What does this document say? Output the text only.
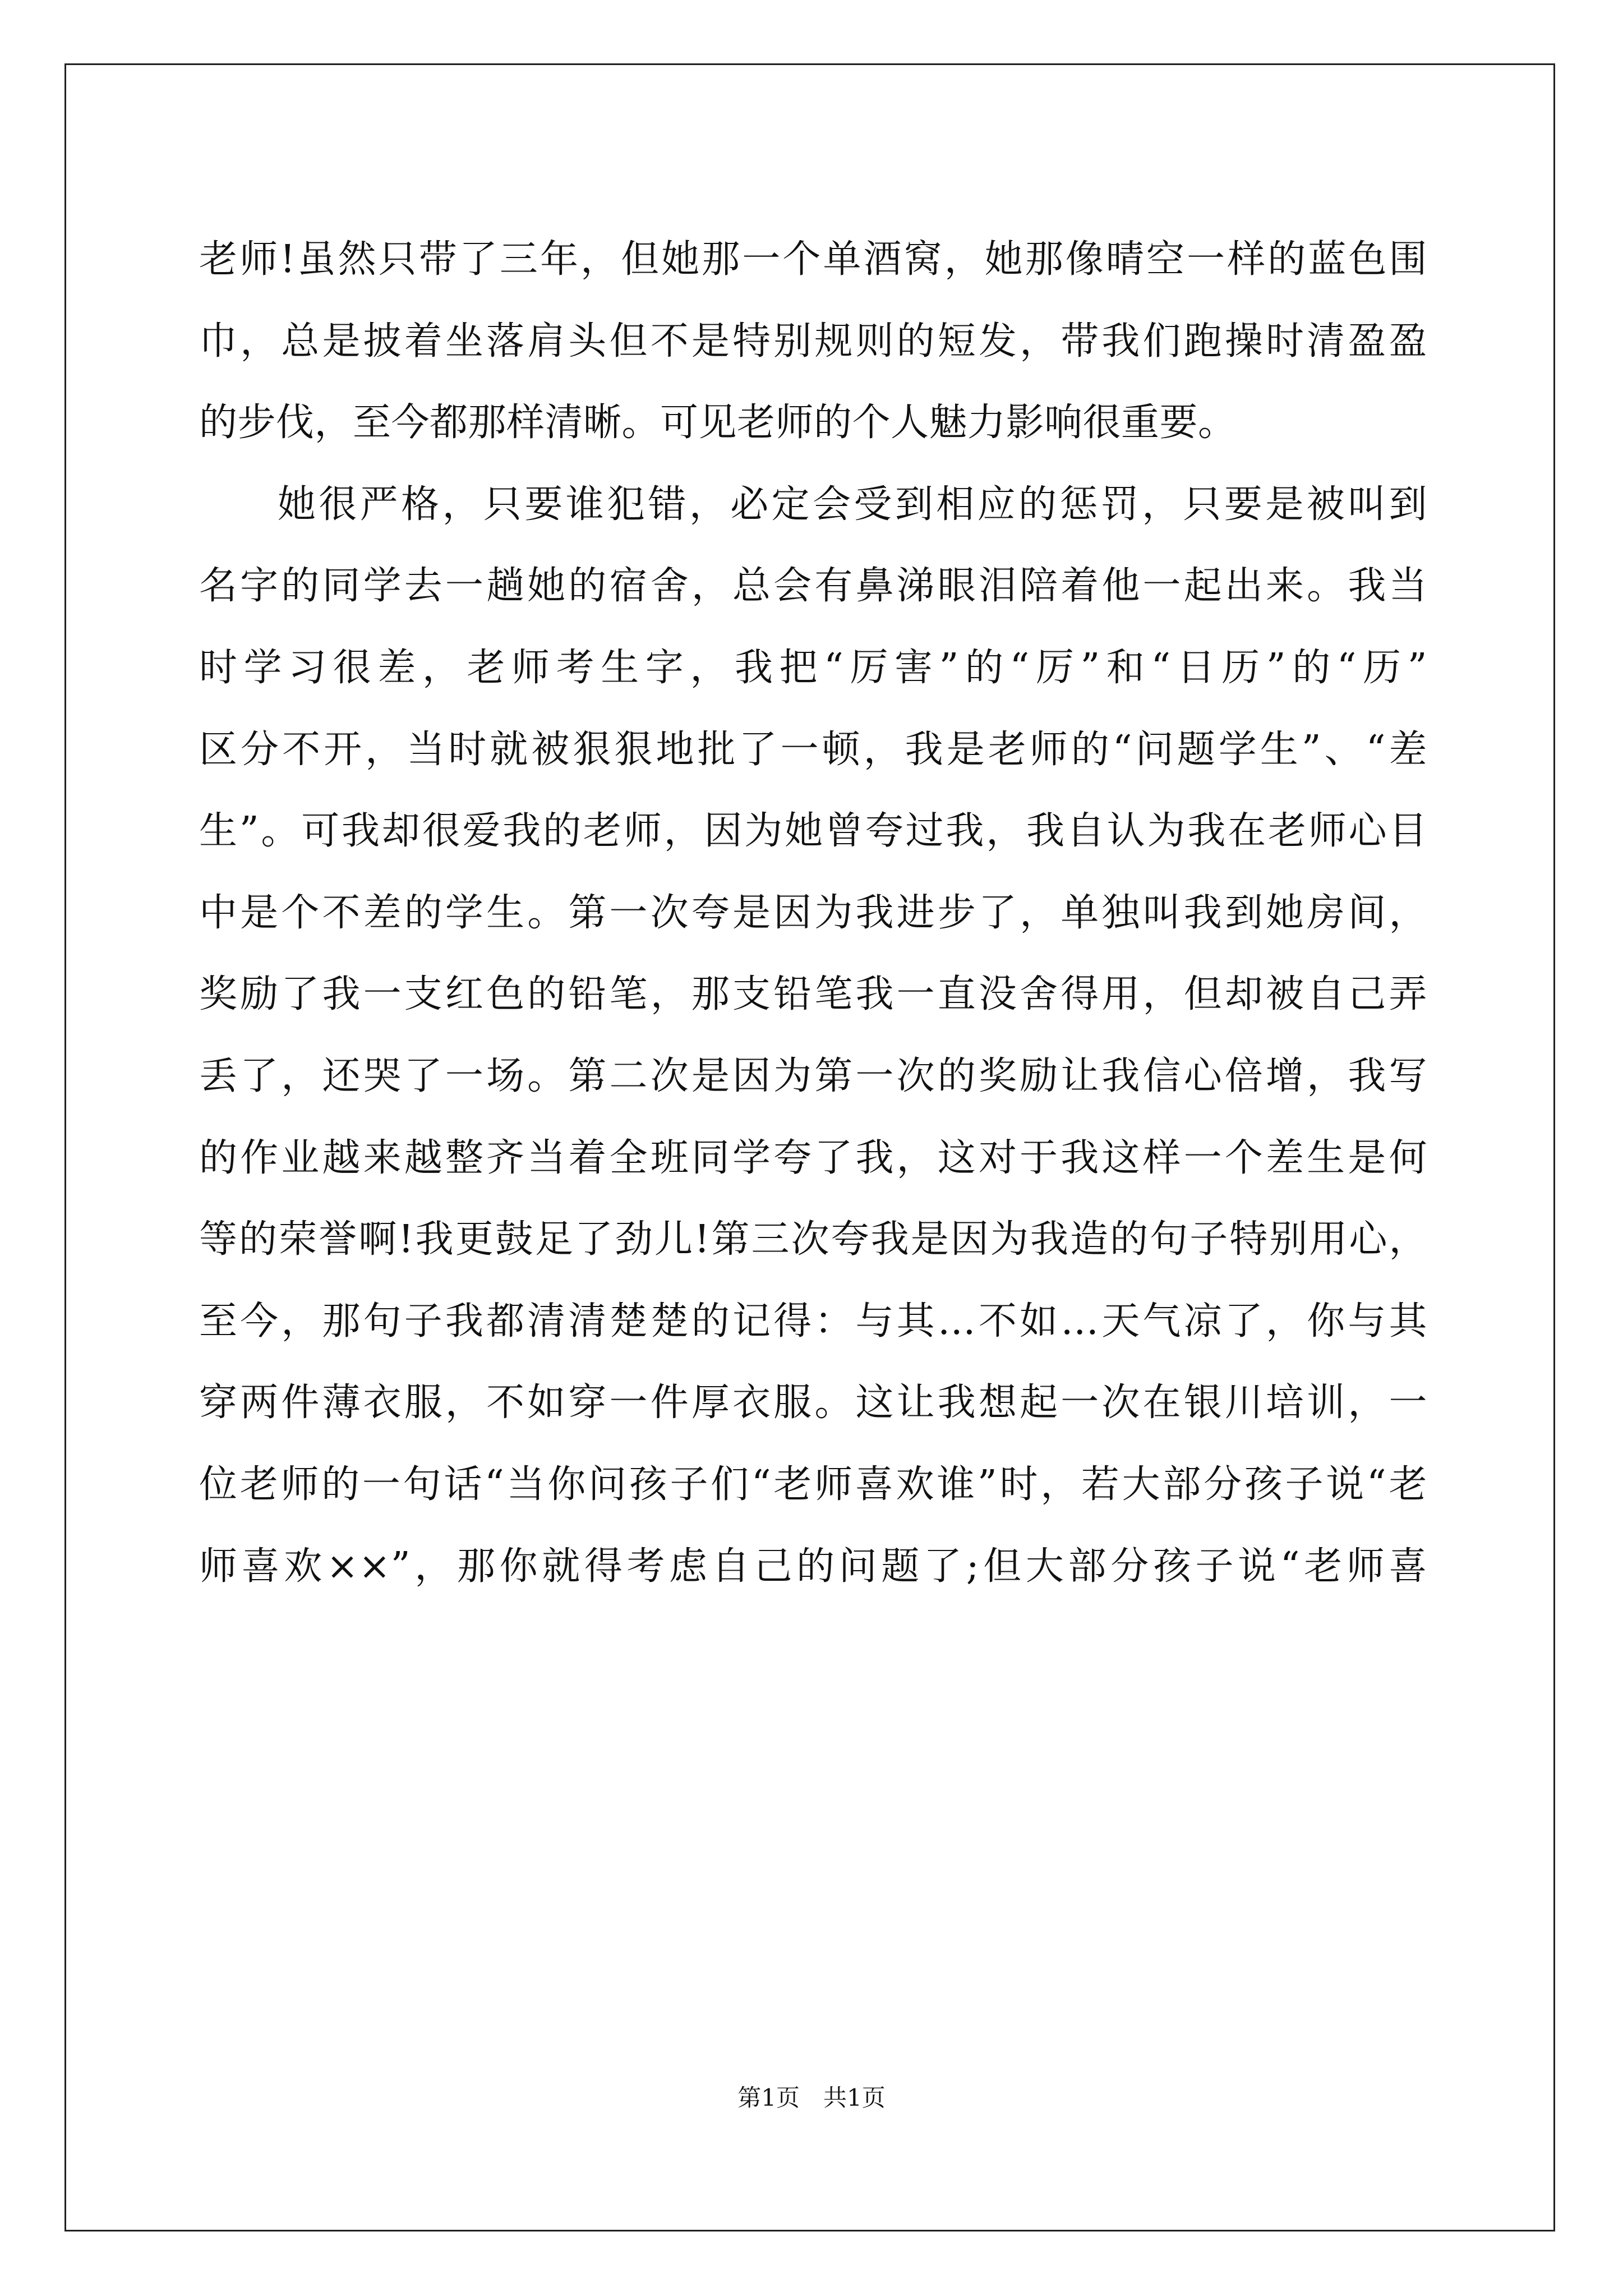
老师!虽然只带了三年，但她那一个单酒窝，她那像晴空一样的蓝色围
巾，总是披着坐落肩头但不是特别规则的短发，带我们跑操时清盈盈
的步伐，至今都那样清晰。可见老师的个人魅力影响很重要。
她很严格，只要谁犯错，必定会受到相应的惩罚，只要是被叫到
名字的同学去一趟她的宿舍，总会有鼻涕眼泪陪着他一起出来。我当
时学习很差，老师考生字，我把“厉害”的“厉”和“日历”的“历”
区分不开，当时就被狠狠地批了一顿，我是老师的“问题学生”、“差
生”。可我却很爱我的老师，因为她曾夸过我，我自认为我在老师心目
中是个不差的学生。第一次夸是因为我进步了，单独叫我到她房间，
奖励了我一支红色的铅笔，那支铅笔我一直没舍得用，但却被自己弄
丢了，还哭了一场。第二次是因为第一次的奖励让我信心倍增，我写
的作业越来越整齐当着全班同学夸了我，这对于我这样一个差生是何
等的荣誉啊!我更鼓足了劲儿!第三次夸我是因为我造的句子特别用心，
至今，那句子我都清清楚楚的记得：与其…不如…天气凉了，你与其
穿两件薄衣服，不如穿一件厚衣服。这让我想起一次在银川培训，一
位老师的一句话“当你问孩子们“老师喜欢谁”时，若大部分孩子说“老
师喜欢××”，那你就得考虑自己的问题了;但大部分孩子说“老师喜
第1页　共1页
